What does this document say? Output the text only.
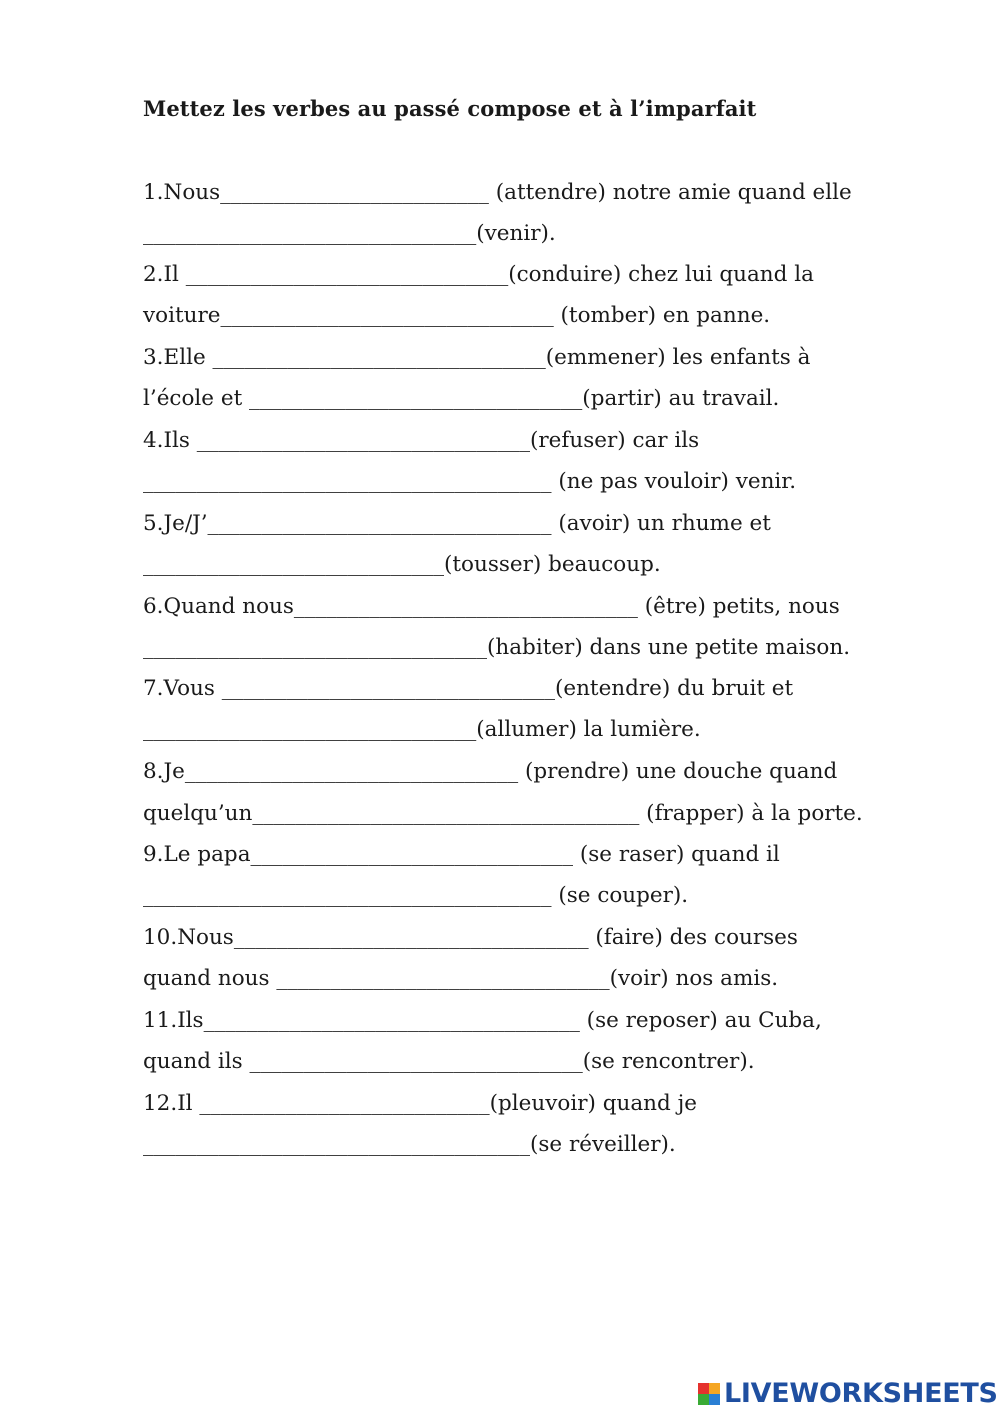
Mettez les verbes au passé compose et à l’imparfait
1.Nous_________________________ (attendre) notre amie quand elle
_______________________________(venir).
2.Il ______________________________(conduire) chez lui quand la
voiture_______________________________ (tomber) en panne.
3.Elle _______________________________(emmener) les enfants à
l’école et _______________________________(partir) au travail.
4.Ils _______________________________(refuser) car ils
______________________________________ (ne pas vouloir) venir.
5.Je/J’________________________________ (avoir) un rhume et
____________________________(tousser) beaucoup.
6.Quand nous________________________________ (être) petits, nous
________________________________(habiter) dans une petite maison.
7.Vous _______________________________(entendre) du bruit et
_______________________________(allumer) la lumière.
8.Je_______________________________ (prendre) une douche quand
quelqu’un____________________________________ (frapper) à la porte.
9.Le papa______________________________ (se raser) quand il
______________________________________ (se couper).
10.Nous_________________________________ (faire) des courses
quand nous _______________________________(voir) nos amis.
11.Ils___________________________________ (se reposer) au Cuba,
quand ils _______________________________(se rencontrer).
12.Il ___________________________(pleuvoir) quand je
____________________________________(se réveiller).
LIVEWORKSHEETS
